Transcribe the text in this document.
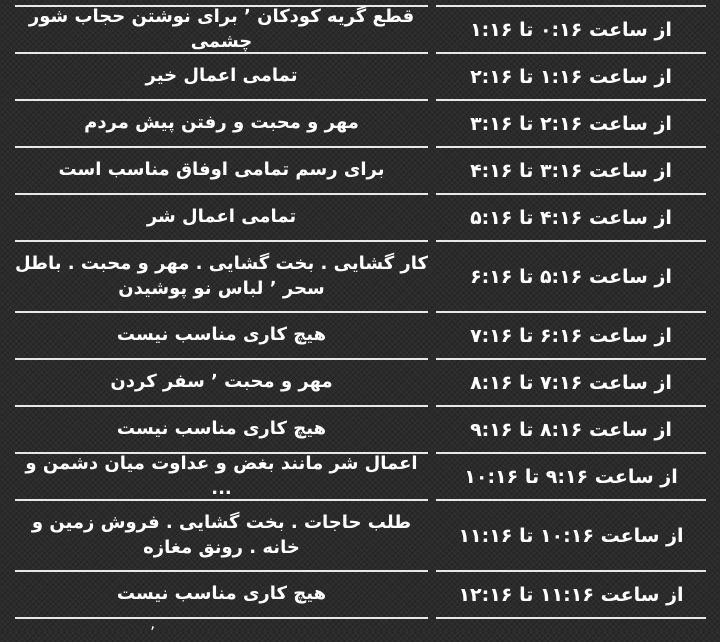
از ساعت ۰:۱۶ تا ۱:۱۶
قطع گریه کودکان ٬ برای نوشتن حجاب شور چشمی
از ساعت ۱:۱۶ تا ۲:۱۶
تمامی اعمال خیر
از ساعت ۲:۱۶ تا ۳:۱۶
مهر و محبت و رفتن پیش مردم
از ساعت ۳:۱۶ تا ۴:۱۶
برای رسم تمامی اوفاق مناسب است
از ساعت ۴:۱۶ تا ۵:۱۶
تمامی اعمال شر
از ساعت ۵:۱۶ تا ۶:۱۶
کار گشایی . بخت گشایی . مهر و محبت . باطل سحر ٬ لباس نو پوشیدن
از ساعت ۶:۱۶ تا ۷:۱۶
هیچ کاری مناسب نیست
از ساعت ۷:۱۶ تا ۸:۱۶
مهر و محبت ٬ سفر کردن
از ساعت ۸:۱۶ تا ۹:۱۶
هیچ کاری مناسب نیست
از ساعت ۹:۱۶ تا ۱۰:۱۶
اعمال شر مانند بغض و عداوت میان دشمن و ...
از ساعت ۱۰:۱۶ تا ۱۱:۱۶
طلب حاجات . بخت گشایی . فروش زمین و خانه . رونق مغازه
از ساعت ۱۱:۱۶ تا ۱۲:۱۶
هیچ کاری مناسب نیست
٬
